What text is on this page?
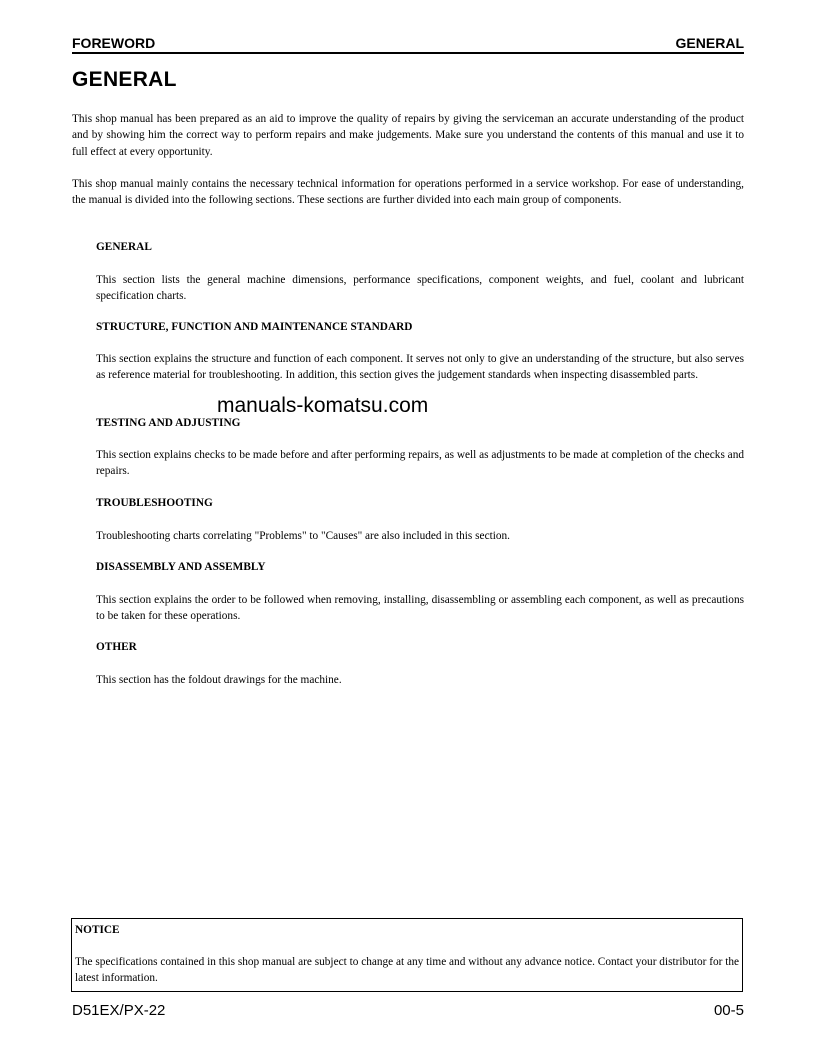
FOREWORD	GENERAL
GENERAL
This shop manual has been prepared as an aid to improve the quality of repairs by giving the serviceman an accurate understanding of the product and by showing him the correct way to perform repairs and make judgements. Make sure you understand the contents of this manual and use it to full effect at every opportunity.
This shop manual mainly contains the necessary technical information for operations performed in a service workshop. For ease of understanding, the manual is divided into the following sections. These sections are further divided into each main group of components.
GENERAL
This section lists the general machine dimensions, performance specifications, component weights, and fuel, coolant and lubricant specification charts.
STRUCTURE, FUNCTION AND MAINTENANCE STANDARD
This section explains the structure and function of each component. It serves not only to give an understanding of the structure, but also serves as reference material for troubleshooting. In addition, this section gives the judgement standards when inspecting disassembled parts.
manuals-komatsu.com
TESTING AND ADJUSTING
This section explains checks to be made before and after performing repairs, as well as adjustments to be made at completion of the checks and repairs.
TROUBLESHOOTING
Troubleshooting charts correlating "Problems" to "Causes" are also included in this section.
DISASSEMBLY AND ASSEMBLY
This section explains the order to be followed when removing, installing, disassembling or assembling each component, as well as precautions to be taken for these operations.
OTHER
This section has the foldout drawings for the machine.
NOTICE
The specifications contained in this shop manual are subject to change at any time and without any advance notice. Contact your distributor for the latest information.
D51EX/PX-22	00-5
